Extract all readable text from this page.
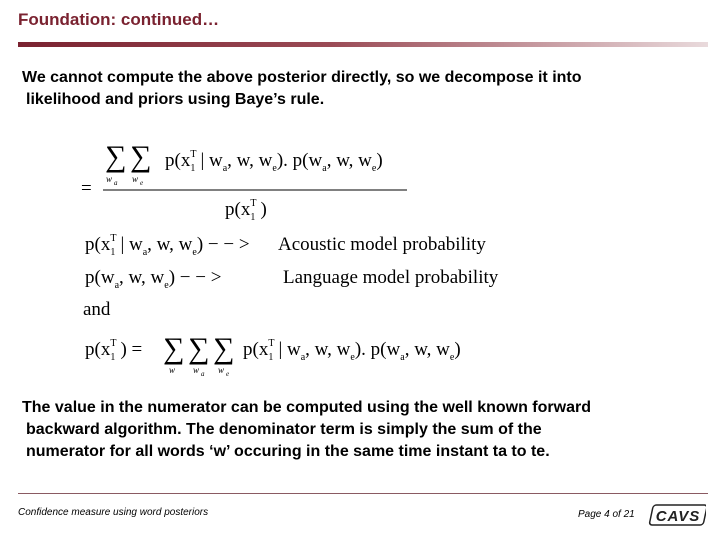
Foundation: continued…
We cannot compute the above posterior directly, so we decompose it into
likelihood and priors using Baye’s rule.
∑ ∑
w a w e
$p(x_1T$ | $w_a$, w, $w_e$). $p(w_a$, w, $w_e$)
=
$p(x_1T$ )
$p(x_1T$ | $w_a$, w, $w_e$) − − > Acoustic model probability
$p(w_a$, w, $w_e$) − − >	Language model probability
and
$p(x_1T$ ) = ∑ ∑ ∑
w w a w e
$p(x_1T$ | $w_a$, w, $w_e$). $p(w_a$, w, $w_e$)
The value in the numerator can be computed using the well known forward
backward algorithm. The denominator term is simply the sum of the
numerator for all words ‘w’ occuring in the same time instant ta to te.
Confidence measure using word posteriors	Page 4 of 21 CAVS
